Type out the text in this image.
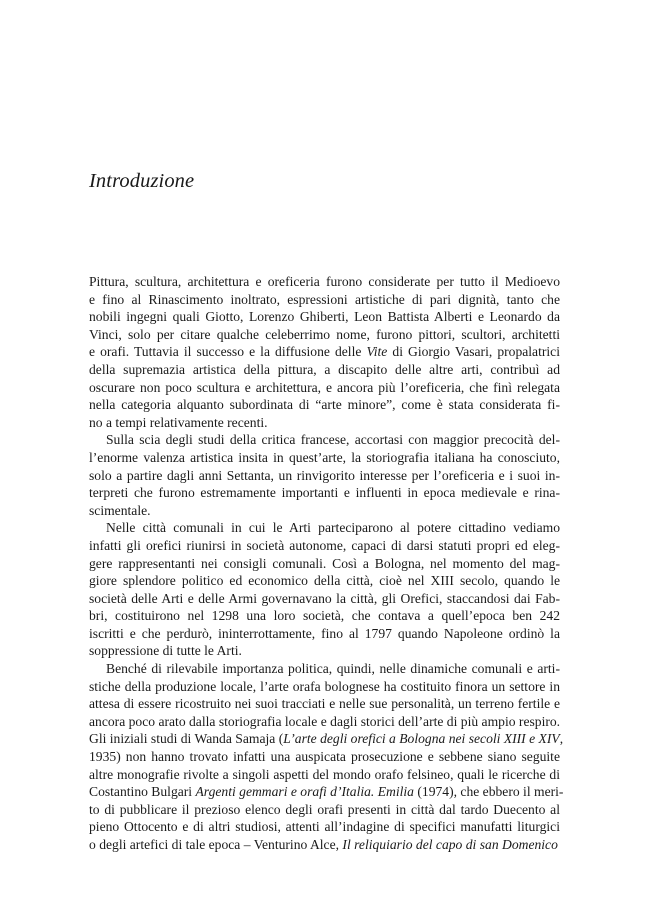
Introduzione

Pittura, scultura, architettura e oreficeria furono considerate per tutto il Medioevo
e fino al Rinascimento inoltrato, espressioni artistiche di pari dignità, tanto che
nobili ingegni quali Giotto, Lorenzo Ghiberti, Leon Battista Alberti e Leonardo da
Vinci, solo per citare qualche celeberrimo nome, furono pittori, scultori, architetti
e orafi. Tuttavia il successo e la diffusione delle Vite di Giorgio Vasari, propalatrici
della supremazia artistica della pittura, a discapito delle altre arti, contribuì ad
oscurare non poco scultura e architettura, e ancora più l’oreficeria, che finì relegata
nella categoria alquanto subordinata di “arte minore”, come è stata considerata fi-
no a tempi relativamente recenti.

Sulla scia degli studi della critica francese, accortasi con maggior precocità del-
l’enorme valenza artistica insita in quest’arte, la storiografia italiana ha conosciuto,
solo a partire dagli anni Settanta, un rinvigorito interesse per l’oreficeria e i suoi in-
terpreti che furono estremamente importanti e influenti in epoca medievale e rina-
scimentale.

Nelle città comunali in cui le Arti parteciparono al potere cittadino vediamo
infatti gli orefici riunirsi in società autonome, capaci di darsi statuti propri ed eleg-
gere rappresentanti nei consigli comunali. Così a Bologna, nel momento del mag-
giore splendore politico ed economico della città, cioè nel XIII secolo, quando le
società delle Arti e delle Armi governavano la città, gli Orefici, staccandosi dai Fab-
bri, costituirono nel 1298 una loro società, che contava a quell’epoca ben 242
iscritti e che perdurò, ininterrottamente, fino al 1797 quando Napoleone ordinò la
soppressione di tutte le Arti.

Benché di rilevabile importanza politica, quindi, nelle dinamiche comunali e arti-
stiche della produzione locale, l’arte orafa bolognese ha costituito finora un settore in
attesa di essere ricostruito nei suoi tracciati e nelle sue personalità, un terreno fertile e
ancora poco arato dalla storiografia locale e dagli storici dell’arte di più ampio respiro.
Gli iniziali studi di Wanda Samaja (L’arte degli orefici a Bologna nei secoli XIII e XIV,
1935) non hanno trovato infatti una auspicata prosecuzione e sebbene siano seguite
altre monografie rivolte a singoli aspetti del mondo orafo felsineo, quali le ricerche di
Costantino Bulgari Argenti gemmari e orafi d’Italia. Emilia (1974), che ebbero il meri-
to di pubblicare il prezioso elenco degli orafi presenti in città dal tardo Duecento al
pieno Ottocento e di altri studiosi, attenti all’indagine di specifici manufatti liturgici
o degli artefici di tale epoca – Venturino Alce, Il reliquiario del capo di san Domenico
